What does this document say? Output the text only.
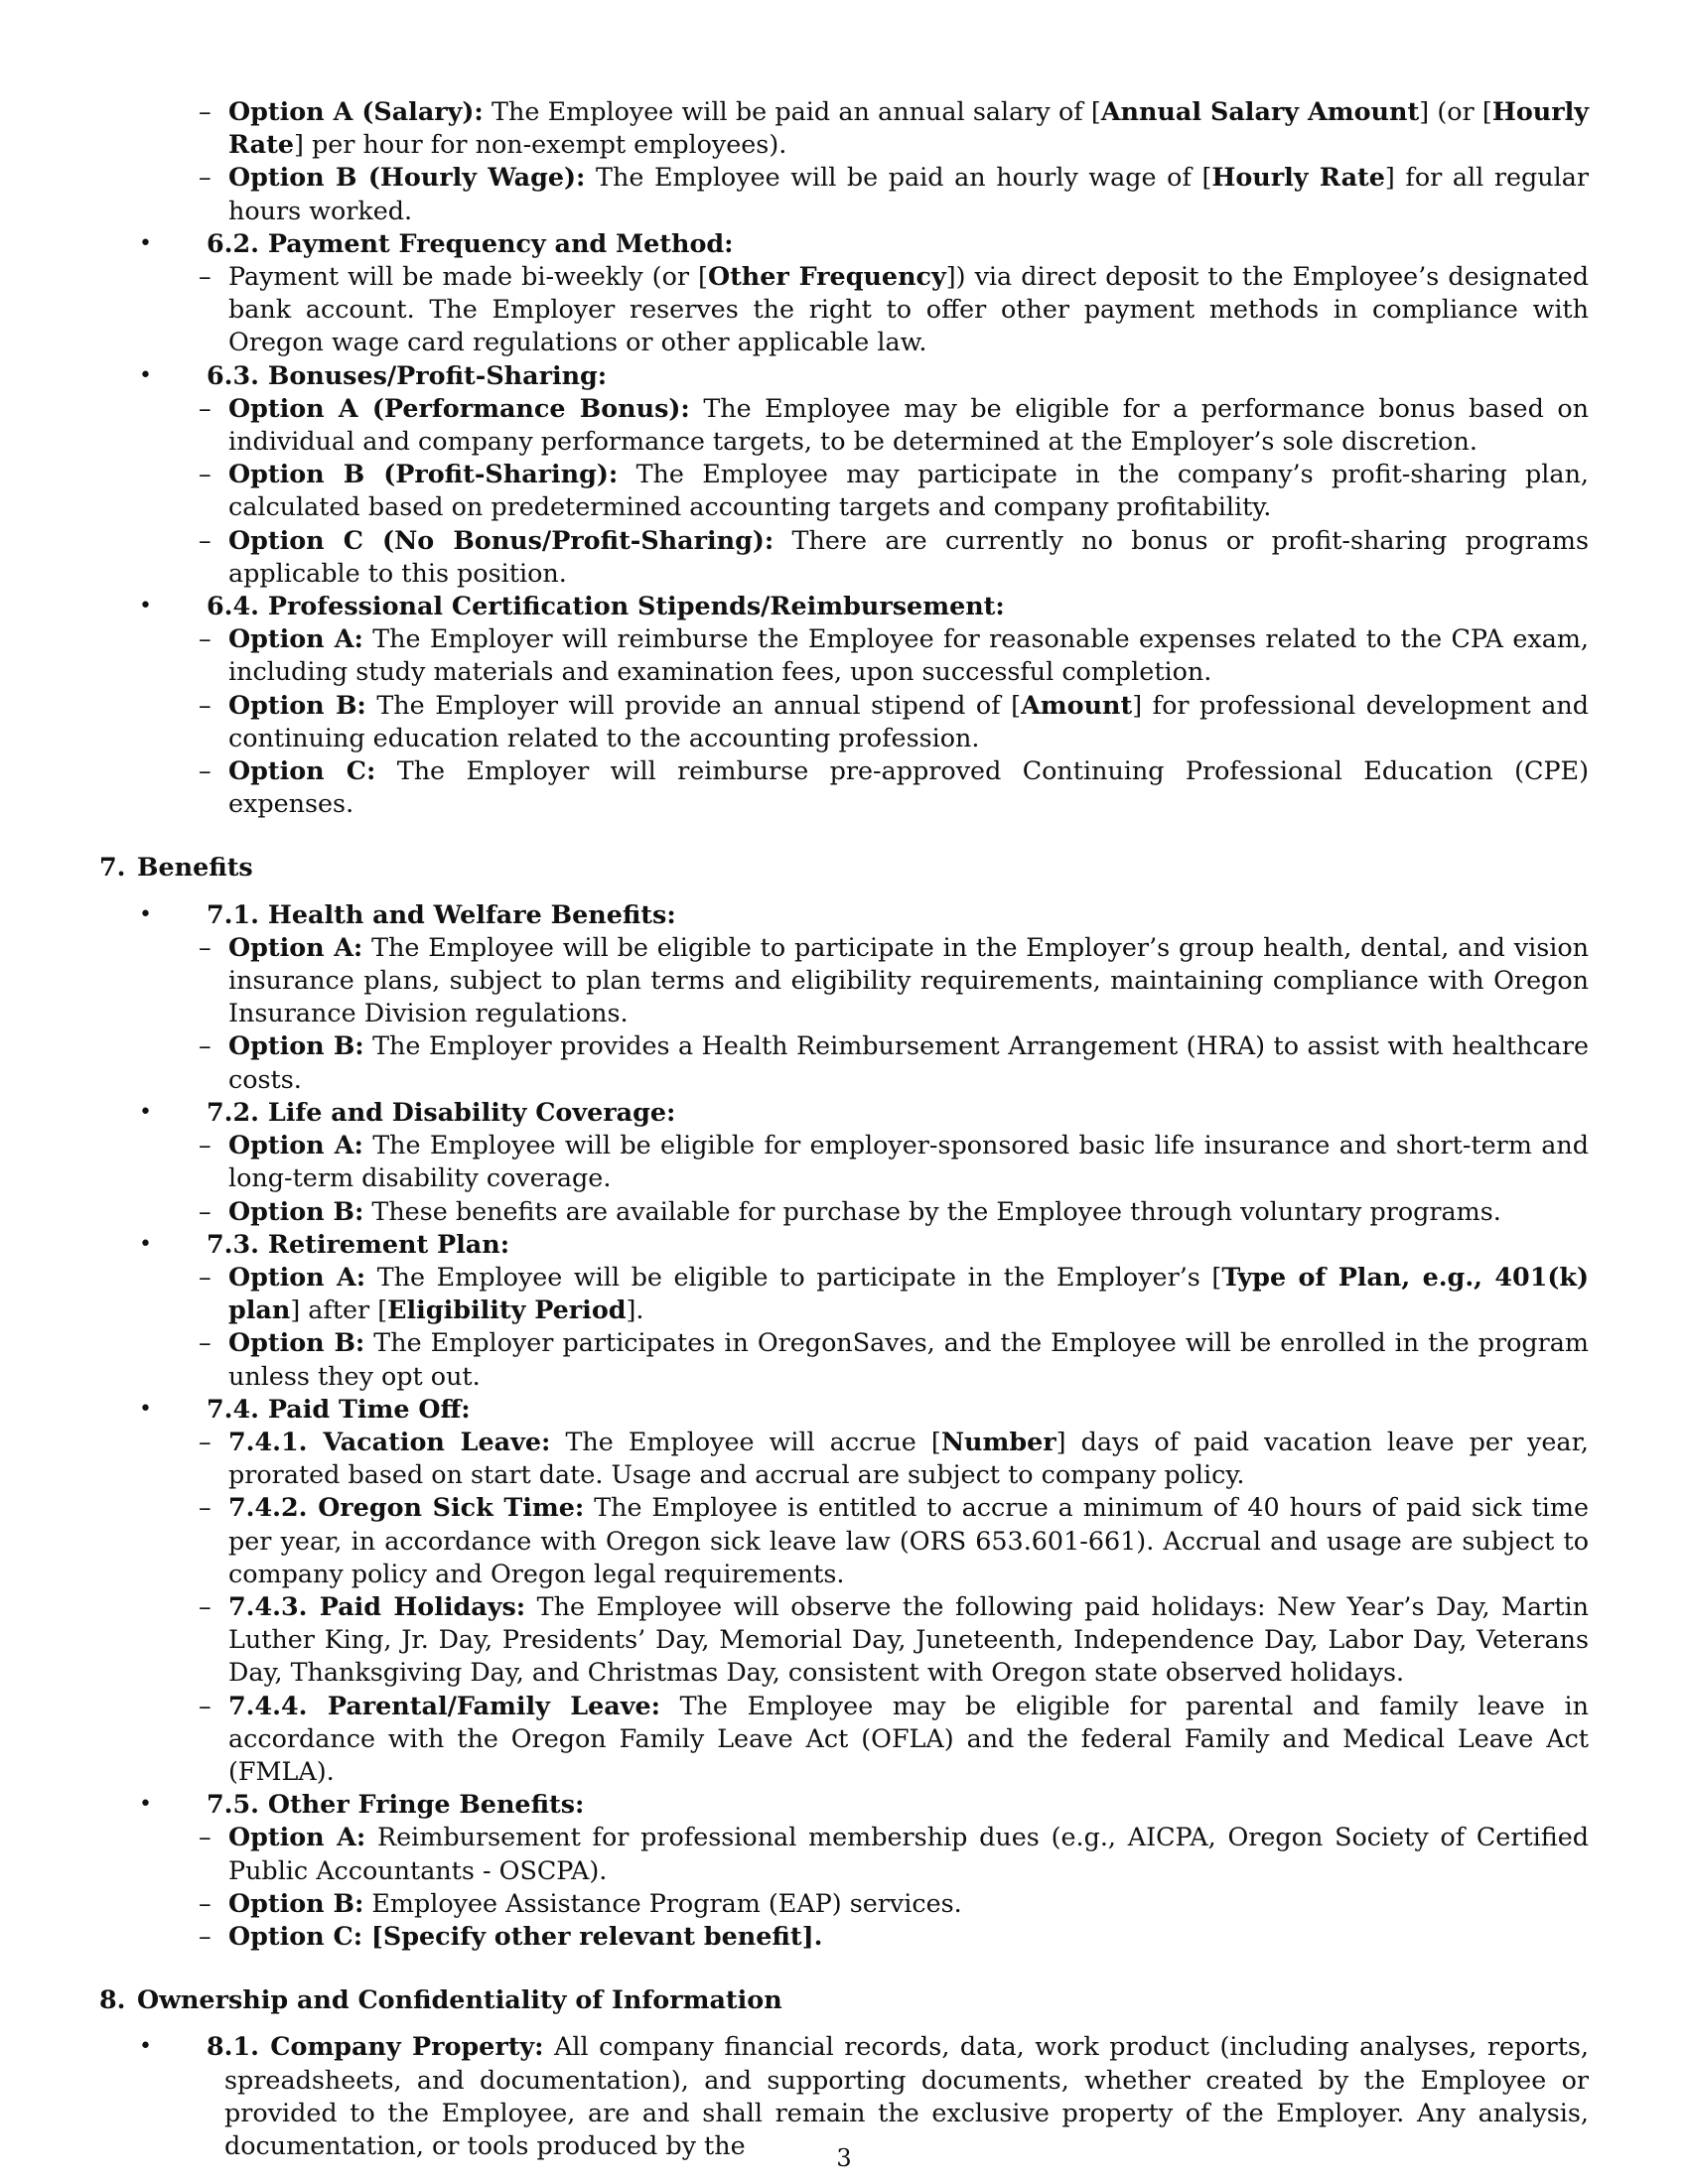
– Option A (Salary): The Employee will be paid an annual salary of [Annual Salary Amount] (or [Hourly Rate] per hour for non-exempt employees).

– Option B (Hourly Wage): The Employee will be paid an hourly wage of [Hourly Rate] for all regular hours worked.

• 6.2. Payment Frequency and Method:

– Payment will be made bi-weekly (or [Other Frequency]) via direct deposit to the Employee’s designated bank account. The Employer reserves the right to offer other payment methods in compliance with Oregon wage card regulations or other applicable law.

• 6.3. Bonuses/Profit-Sharing:

– Option A (Performance Bonus): The Employee may be eligible for a performance bonus based on individual and company performance targets, to be determined at the Employer’s sole discretion.

– Option B (Profit-Sharing): The Employee may participate in the company’s profit-sharing plan, calculated based on predetermined accounting targets and company profitability.

– Option C (No Bonus/Profit-Sharing): There are currently no bonus or profit-sharing programs applicable to this position.

• 6.4. Professional Certification Stipends/Reimbursement:

– Option A: The Employer will reimburse the Employee for reasonable expenses related to the CPA exam, including study materials and examination fees, upon successful completion.

– Option B: The Employer will provide an annual stipend of [Amount] for professional development and continuing education related to the accounting profession.

– Option C: The Employer will reimburse pre-approved Continuing Professional Education (CPE) expenses.

7. Benefits
• 7.1. Health and Welfare Benefits:

– Option A: The Employee will be eligible to participate in the Employer’s group health, dental, and vision insurance plans, subject to plan terms and eligibility requirements, maintaining compliance with Oregon Insurance Division regulations.

– Option B: The Employer provides a Health Reimbursement Arrangement (HRA) to assist with healthcare costs.

• 7.2. Life and Disability Coverage:

– Option A: The Employee will be eligible for employer-sponsored basic life insurance and short-term and long-term disability coverage.

– Option B: These benefits are available for purchase by the Employee through voluntary programs.

• 7.3. Retirement Plan:

– Option A: The Employee will be eligible to participate in the Employer’s [Type of Plan, e.g., 401(k) plan] after [Eligibility Period].

– Option B: The Employer participates in OregonSaves, and the Employee will be enrolled in the program unless they opt out.

• 7.4. Paid Time Off:

– 7.4.1. Vacation Leave: The Employee will accrue [Number] days of paid vacation leave per year, prorated based on start date. Usage and accrual are subject to company policy.

– 7.4.2. Oregon Sick Time: The Employee is entitled to accrue a minimum of 40 hours of paid sick time per year, in accordance with Oregon sick leave law (ORS 653.601-661). Accrual and usage are subject to company policy and Oregon legal requirements.

– 7.4.3. Paid Holidays: The Employee will observe the following paid holidays: New Year’s Day, Martin Luther King, Jr. Day, Presidents’ Day, Memorial Day, Juneteenth, Independence Day, Labor Day, Veterans Day, Thanksgiving Day, and Christmas Day, consistent with Oregon state observed holidays.

– 7.4.4. Parental/Family Leave: The Employee may be eligible for parental and family leave in accordance with the Oregon Family Leave Act (OFLA) and the federal Family and Medical Leave Act (FMLA).

• 7.5. Other Fringe Benefits:

– Option A: Reimbursement for professional membership dues (e.g., AICPA, Oregon Society of Certified Public Accountants - OSCPA).

– Option B: Employee Assistance Program (EAP) services.

– Option C: [Specify other relevant benefit].

8. Ownership and Confidentiality of Information
• 8.1. Company Property: All company financial records, data, work product (including analyses, reports, spreadsheets, and documentation), and supporting documents, whether created by the Employee or provided to the Employee, are and shall remain the exclusive property of the Employer. Any analysis, documentation, or tools produced by the	3
